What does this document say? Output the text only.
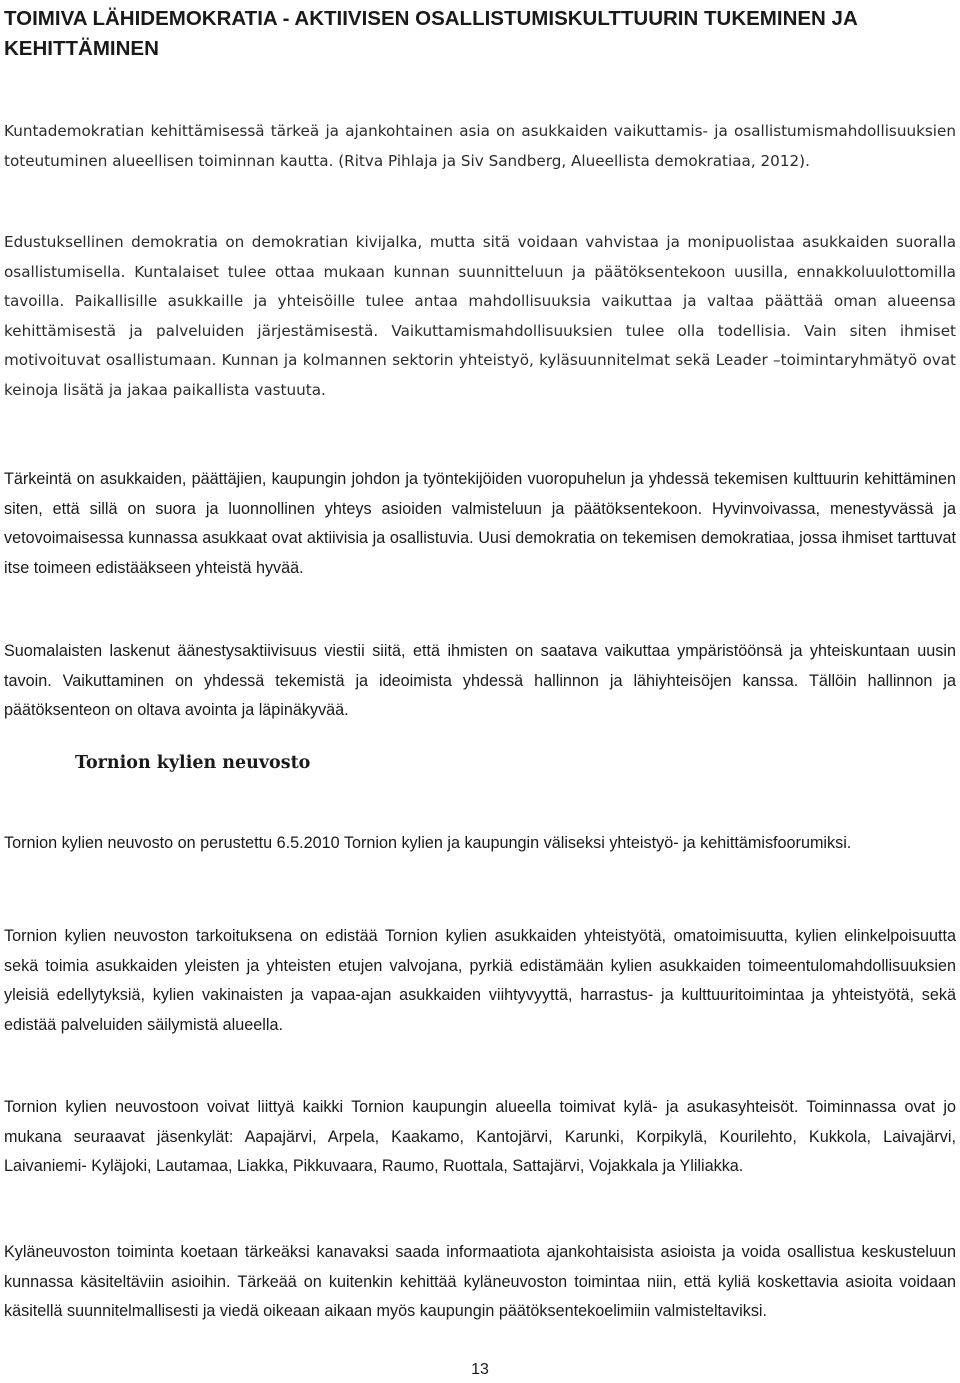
TOIMIVA LÄHIDEMOKRATIA - AKTIIVISEN OSALLISTUMISKULTTUURIN TUKEMINEN JA KEHITTÄMINEN

Kuntademokratian kehittämisessä tärkeä ja ajankohtainen asia on asukkaiden vaikuttamis- ja osallistumismahdollisuuksien toteutuminen alueellisen toiminnan kautta. (Ritva Pihlaja ja Siv Sandberg, Alueellista demokratiaa, 2012).

Edustuksellinen demokratia on demokratian kivijalka, mutta sitä voidaan vahvistaa ja monipuolistaa asukkaiden suoralla osallistumisella. Kuntalaiset tulee ottaa mukaan kunnan suunnitteluun ja päätöksentekoon uusilla, ennakkoluulottomilla tavoilla. Paikallisille asukkaille ja yhteisöille tulee antaa mahdollisuuksia vaikuttaa ja valtaa päättää oman alueensa kehittämisestä ja palveluiden järjestämisestä. Vaikuttamismahdollisuuksien tulee olla todellisia. Vain siten ihmiset motivoituvat osallistumaan. Kunnan ja kolmannen sektorin yhteistyö, kyläsuunnitelmat sekä Leader –toimintaryhmätyö ovat keinoja lisätä ja jakaa paikallista vastuuta.

Tärkeintä on asukkaiden, päättäjien, kaupungin johdon ja työntekijöiden vuoropuhelun ja yhdessä tekemisen kulttuurin kehittäminen siten, että sillä on suora ja luonnollinen yhteys asioiden valmisteluun ja päätöksentekoon. Hyvinvoivassa, menestyvässä ja vetovoimaisessa kunnassa asukkaat ovat aktiivisia ja osallistuvia. Uusi demokratia on tekemisen demokratiaa, jossa ihmiset tarttuvat itse toimeen edistääkseen yhteistä hyvää.

Suomalaisten laskenut äänestysaktiivisuus viestii siitä, että ihmisten on saatava vaikuttaa ympäristöönsä ja yhteiskuntaan uusin tavoin. Vaikuttaminen on yhdessä tekemistä ja ideoimista yhdessä hallinnon ja lähiyhteisöjen kanssa. Tällöin hallinnon ja päätöksenteon on oltava avointa ja läpinäkyvää.

Tornion kylien neuvosto

Tornion kylien neuvosto on perustettu 6.5.2010 Tornion kylien ja kaupungin väliseksi yhteistyö- ja kehittämisfoorumiksi.

Tornion kylien neuvoston tarkoituksena on edistää Tornion kylien asukkaiden yhteistyötä, omatoimisuutta, kylien elinkelpoisuutta sekä toimia asukkaiden yleisten ja yhteisten etujen valvojana, pyrkiä edistämään kylien asukkaiden toimeentulomahdollisuuksien yleisiä edellytyksiä, kylien vakinaisten ja vapaa-ajan asukkaiden viihtyvyyttä, harrastus- ja kulttuuritoimintaa ja yhteistyötä, sekä edistää palveluiden säilymistä alueella.

Tornion kylien neuvostoon voivat liittyä kaikki Tornion kaupungin alueella toimivat kylä- ja asukasyhteisöt. Toiminnassa ovat jo mukana seuraavat jäsenkylät: Aapajärvi, Arpela, Kaakamo, Kantojärvi, Karunki, Korpikylä, Kourilehto, Kukkola, Laivajärvi, Laivaniemi- Kyläjoki, Lautamaa, Liakka, Pikkuvaara, Raumo, Ruottala, Sattajärvi, Vojakkala ja Yliliakka.

Kyläneuvoston toiminta koetaan tärkeäksi kanavaksi saada informaatiota ajankohtaisista asioista ja voida osallistua keskusteluun kunnassa käsiteltäviin asioihin. Tärkeää on kuitenkin kehittää kyläneuvoston toimintaa niin, että kyliä koskettavia asioita voidaan käsitellä suunnitelmallisesti ja viedä oikeaan aikaan myös kaupungin päätöksentekoelimiin valmisteltaviksi.

13
